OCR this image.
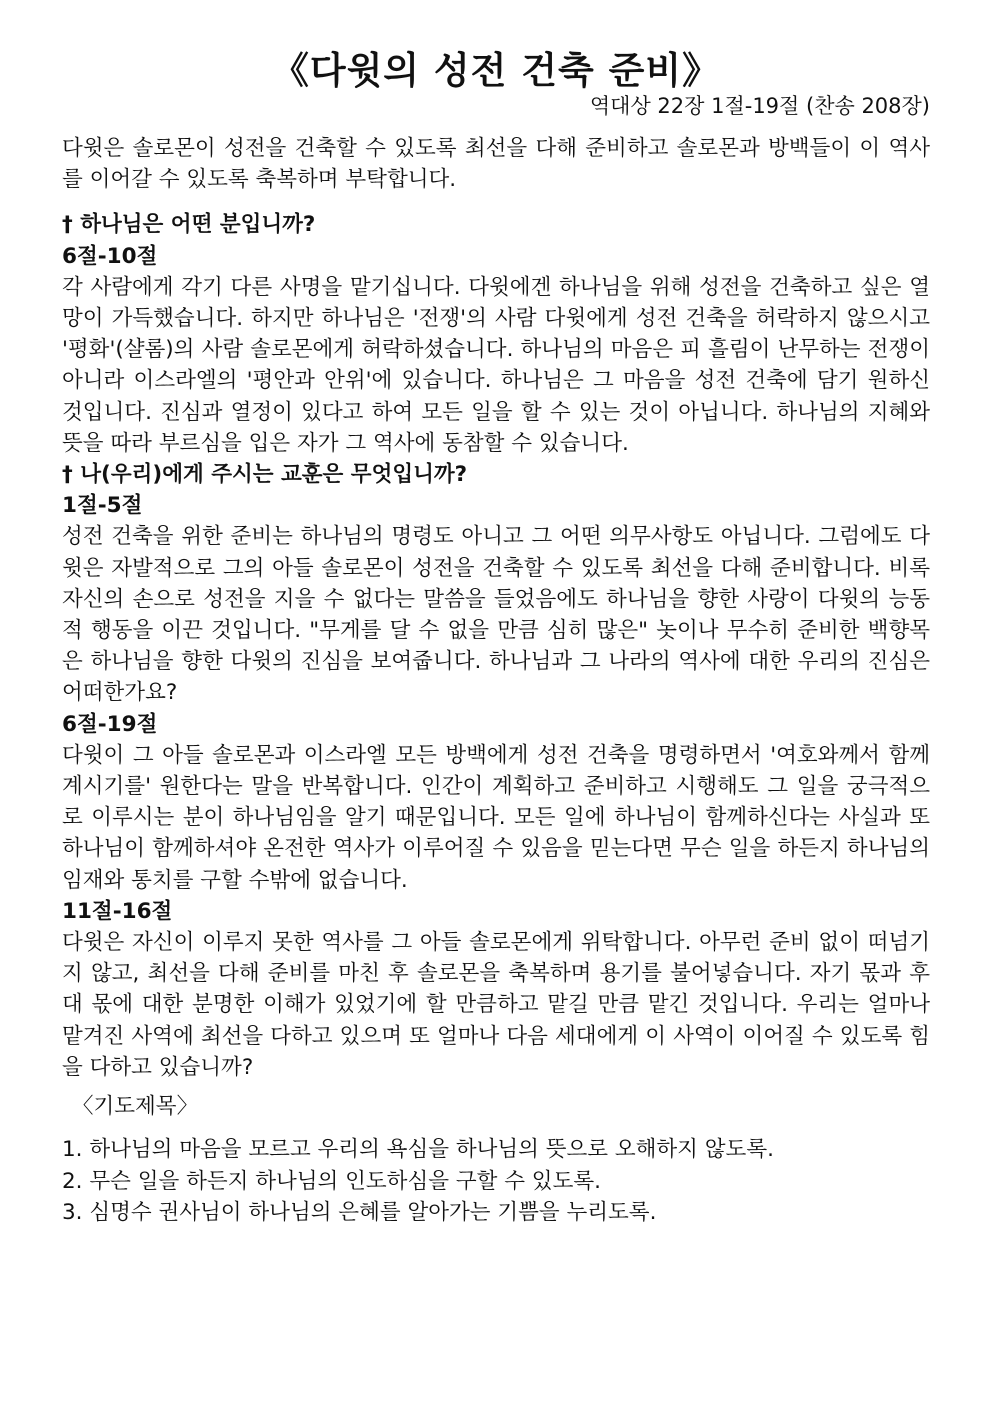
《다윗의 성전 건축 준비》
역대상 22장 1절-19절 (찬송 208장)

다윗은 솔로몬이 성전을 건축할 수 있도록 최선을 다해 준비하고 솔로몬과 방백들이 이 역사를 이어갈 수 있도록 축복하며 부탁합니다.

† 하나님은 어떤 분입니까?

6절-10절

각 사람에게 각기 다른 사명을 맡기십니다. 다윗에겐 하나님을 위해 성전을 건축하고 싶은 열망이 가득했습니다. 하지만 하나님은 '전쟁'의 사람 다윗에게 성전 건축을 허락하지 않으시고 '평화'(샬롬)의 사람 솔로몬에게 허락하셨습니다. 하나님의 마음은 피 흘림이 난무하는 전쟁이 아니라 이스라엘의 '평안과 안위'에 있습니다. 하나님은 그 마음을 성전 건축에 담기 원하신 것입니다. 진심과 열정이 있다고 하여 모든 일을 할 수 있는 것이 아닙니다. 하나님의 지혜와 뜻을 따라 부르심을 입은 자가 그 역사에 동참할 수 있습니다.

† 나(우리)에게 주시는 교훈은 무엇입니까?

1절-5절

성전 건축을 위한 준비는 하나님의 명령도 아니고 그 어떤 의무사항도 아닙니다. 그럼에도 다윗은 자발적으로 그의 아들 솔로몬이 성전을 건축할 수 있도록 최선을 다해 준비합니다. 비록 자신의 손으로 성전을 지을 수 없다는 말씀을 들었음에도 하나님을 향한 사랑이 다윗의 능동적 행동을 이끈 것입니다. "무게를 달 수 없을 만큼 심히 많은" 놋이나 무수히 준비한 백향목은 하나님을 향한 다윗의 진심을 보여줍니다. 하나님과 그 나라의 역사에 대한 우리의 진심은 어떠한가요?

6절-19절

다윗이 그 아들 솔로몬과 이스라엘 모든 방백에게 성전 건축을 명령하면서 '여호와께서 함께 계시기를' 원한다는 말을 반복합니다. 인간이 계획하고 준비하고 시행해도 그 일을 궁극적으로 이루시는 분이 하나님임을 알기 때문입니다. 모든 일에 하나님이 함께하신다는 사실과 또 하나님이 함께하셔야 온전한 역사가 이루어질 수 있음을 믿는다면 무슨 일을 하든지 하나님의 임재와 통치를 구할 수밖에 없습니다.

11절-16절

다윗은 자신이 이루지 못한 역사를 그 아들 솔로몬에게 위탁합니다. 아무런 준비 없이 떠넘기지 않고, 최선을 다해 준비를 마친 후 솔로몬을 축복하며 용기를 불어넣습니다. 자기 몫과 후대 몫에 대한 분명한 이해가 있었기에 할 만큼하고 맡길 만큼 맡긴 것입니다. 우리는 얼마나 맡겨진 사역에 최선을 다하고 있으며 또 얼마나 다음 세대에게 이 사역이 이어질 수 있도록 힘을 다하고 있습니까?

〈기도제목〉

1. 하나님의 마음을 모르고 우리의 욕심을 하나님의 뜻으로 오해하지 않도록.
2. 무슨 일을 하든지 하나님의 인도하심을 구할 수 있도록.
3. 심명수 권사님이 하나님의 은혜를 알아가는 기쁨을 누리도록.
